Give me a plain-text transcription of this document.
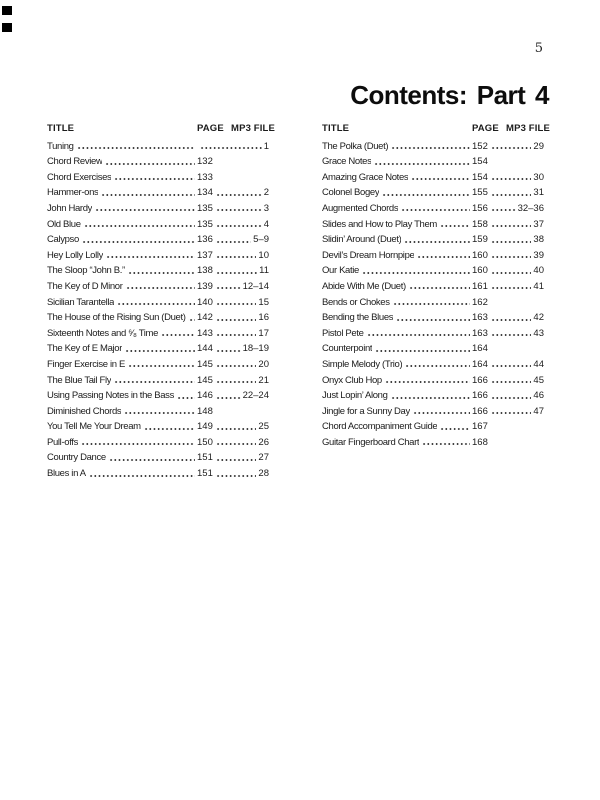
5
Contents: Part 4
TITLE	PAGE MP3 FILE
Tuning	1
Chord Review	132
Chord Exercises	133
Hammer-ons	134	2
John Hardy	135	3
Old Blue	135	4
Calypso	136	5–9
Hey Lolly Lolly	137	10
The Sloop “John B.”	138	11
The Key of D Minor	139	12–14
Sicilian Tarantella	140	15
The House of the Rising Sun (Duet) 142	16
Sixteenth Notes and ⁶⁄₈ Time	143	17
The Key of E Major	144	18–19
Finger Exercise in E	145	20
The Blue Tail Fly	145	21
Using Passing Notes in the Bass 146	22–24
Diminished Chords	148
You Tell Me Your Dream	149	25
Pull-offs	150	26
Country Dance	151	27
Blues in A	151	28
TITLE	PAGE MP3 FILE
The Polka (Duet)	152	29
Grace Notes	154
Amazing Grace Notes	154	30
Colonel Bogey	155	31
Augmented Chords	156	32–36
Slides and How to Play Them	158	37
Slidin’ Around (Duet)	159	38
Devil’s Dream Hornpipe	160	39
Our Katie	160	40
Abide With Me (Duet)	161	41
Bends or Chokes	162
Bending the Blues	163	42
Pistol Pete	163	43
Counterpoint	164
Simple Melody (Trio)	164	44
Onyx Club Hop	166	45
Just Lopin’ Along	166	46
Jingle for a Sunny Day	166	47
Chord Accompaniment Guide	167
Guitar Fingerboard Chart	168
